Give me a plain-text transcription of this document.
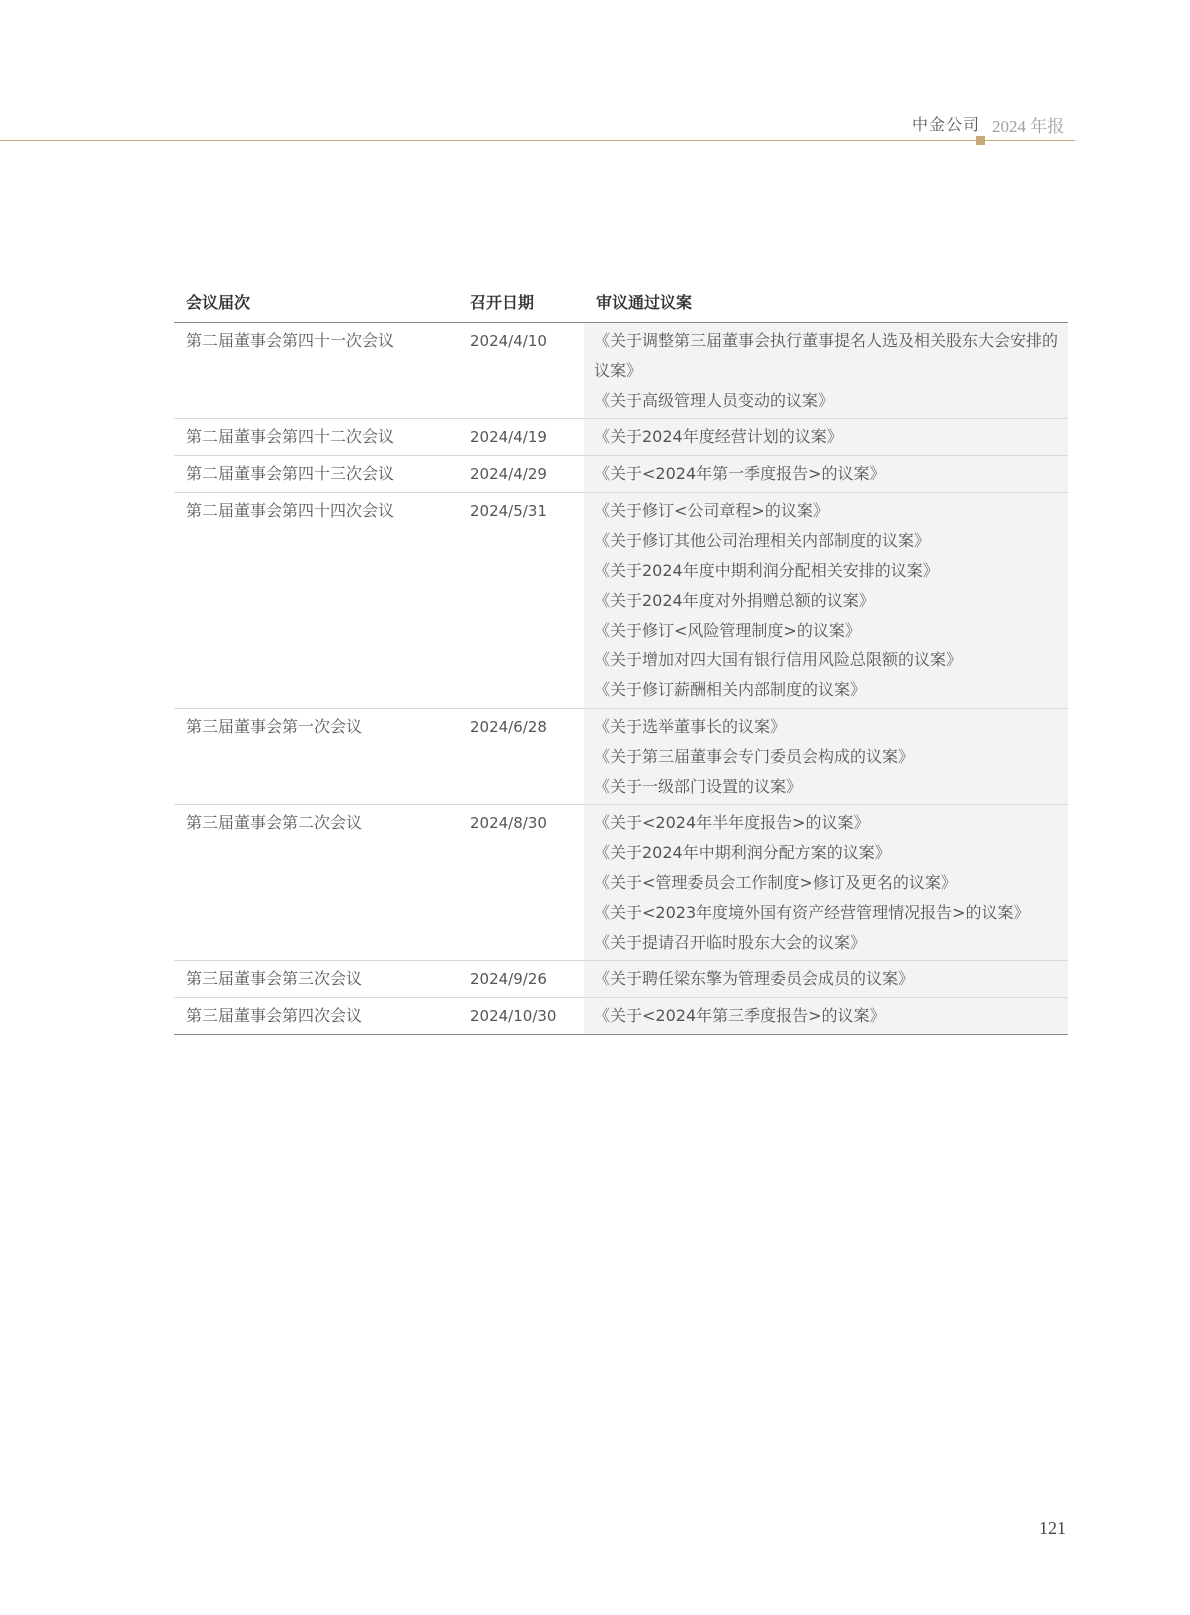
中金公司 2024 年报
会议届次	召开日期	审议通过议案
第二届董事会第四十一次会议	2024/4/10	《关于调整第三届董事会执行董事提名人选及相关股东大会安排的议案》
《关于高级管理人员变动的议案》
第二届董事会第四十二次会议	2024/4/19	《关于2024年度经营计划的议案》
第二届董事会第四十三次会议	2024/4/29	《关于<2024年第一季度报告>的议案》
第二届董事会第四十四次会议	2024/5/31	《关于修订<公司章程>的议案》
《关于修订其他公司治理相关内部制度的议案》
《关于2024年度中期利润分配相关安排的议案》
《关于2024年度对外捐赠总额的议案》
《关于修订<风险管理制度>的议案》
《关于增加对四大国有银行信用风险总限额的议案》
《关于修订薪酬相关内部制度的议案》
第三届董事会第一次会议	2024/6/28	《关于选举董事长的议案》
《关于第三届董事会专门委员会构成的议案》
《关于一级部门设置的议案》
第三届董事会第二次会议	2024/8/30	《关于<2024年半年度报告>的议案》
《关于2024年中期利润分配方案的议案》
《关于<管理委员会工作制度>修订及更名的议案》
《关于<2023年度境外国有资产经营管理情况报告>的议案》
《关于提请召开临时股东大会的议案》
第三届董事会第三次会议	2024/9/26	《关于聘任梁东擎为管理委员会成员的议案》
第三届董事会第四次会议	2024/10/30	《关于<2024年第三季度报告>的议案》
121
